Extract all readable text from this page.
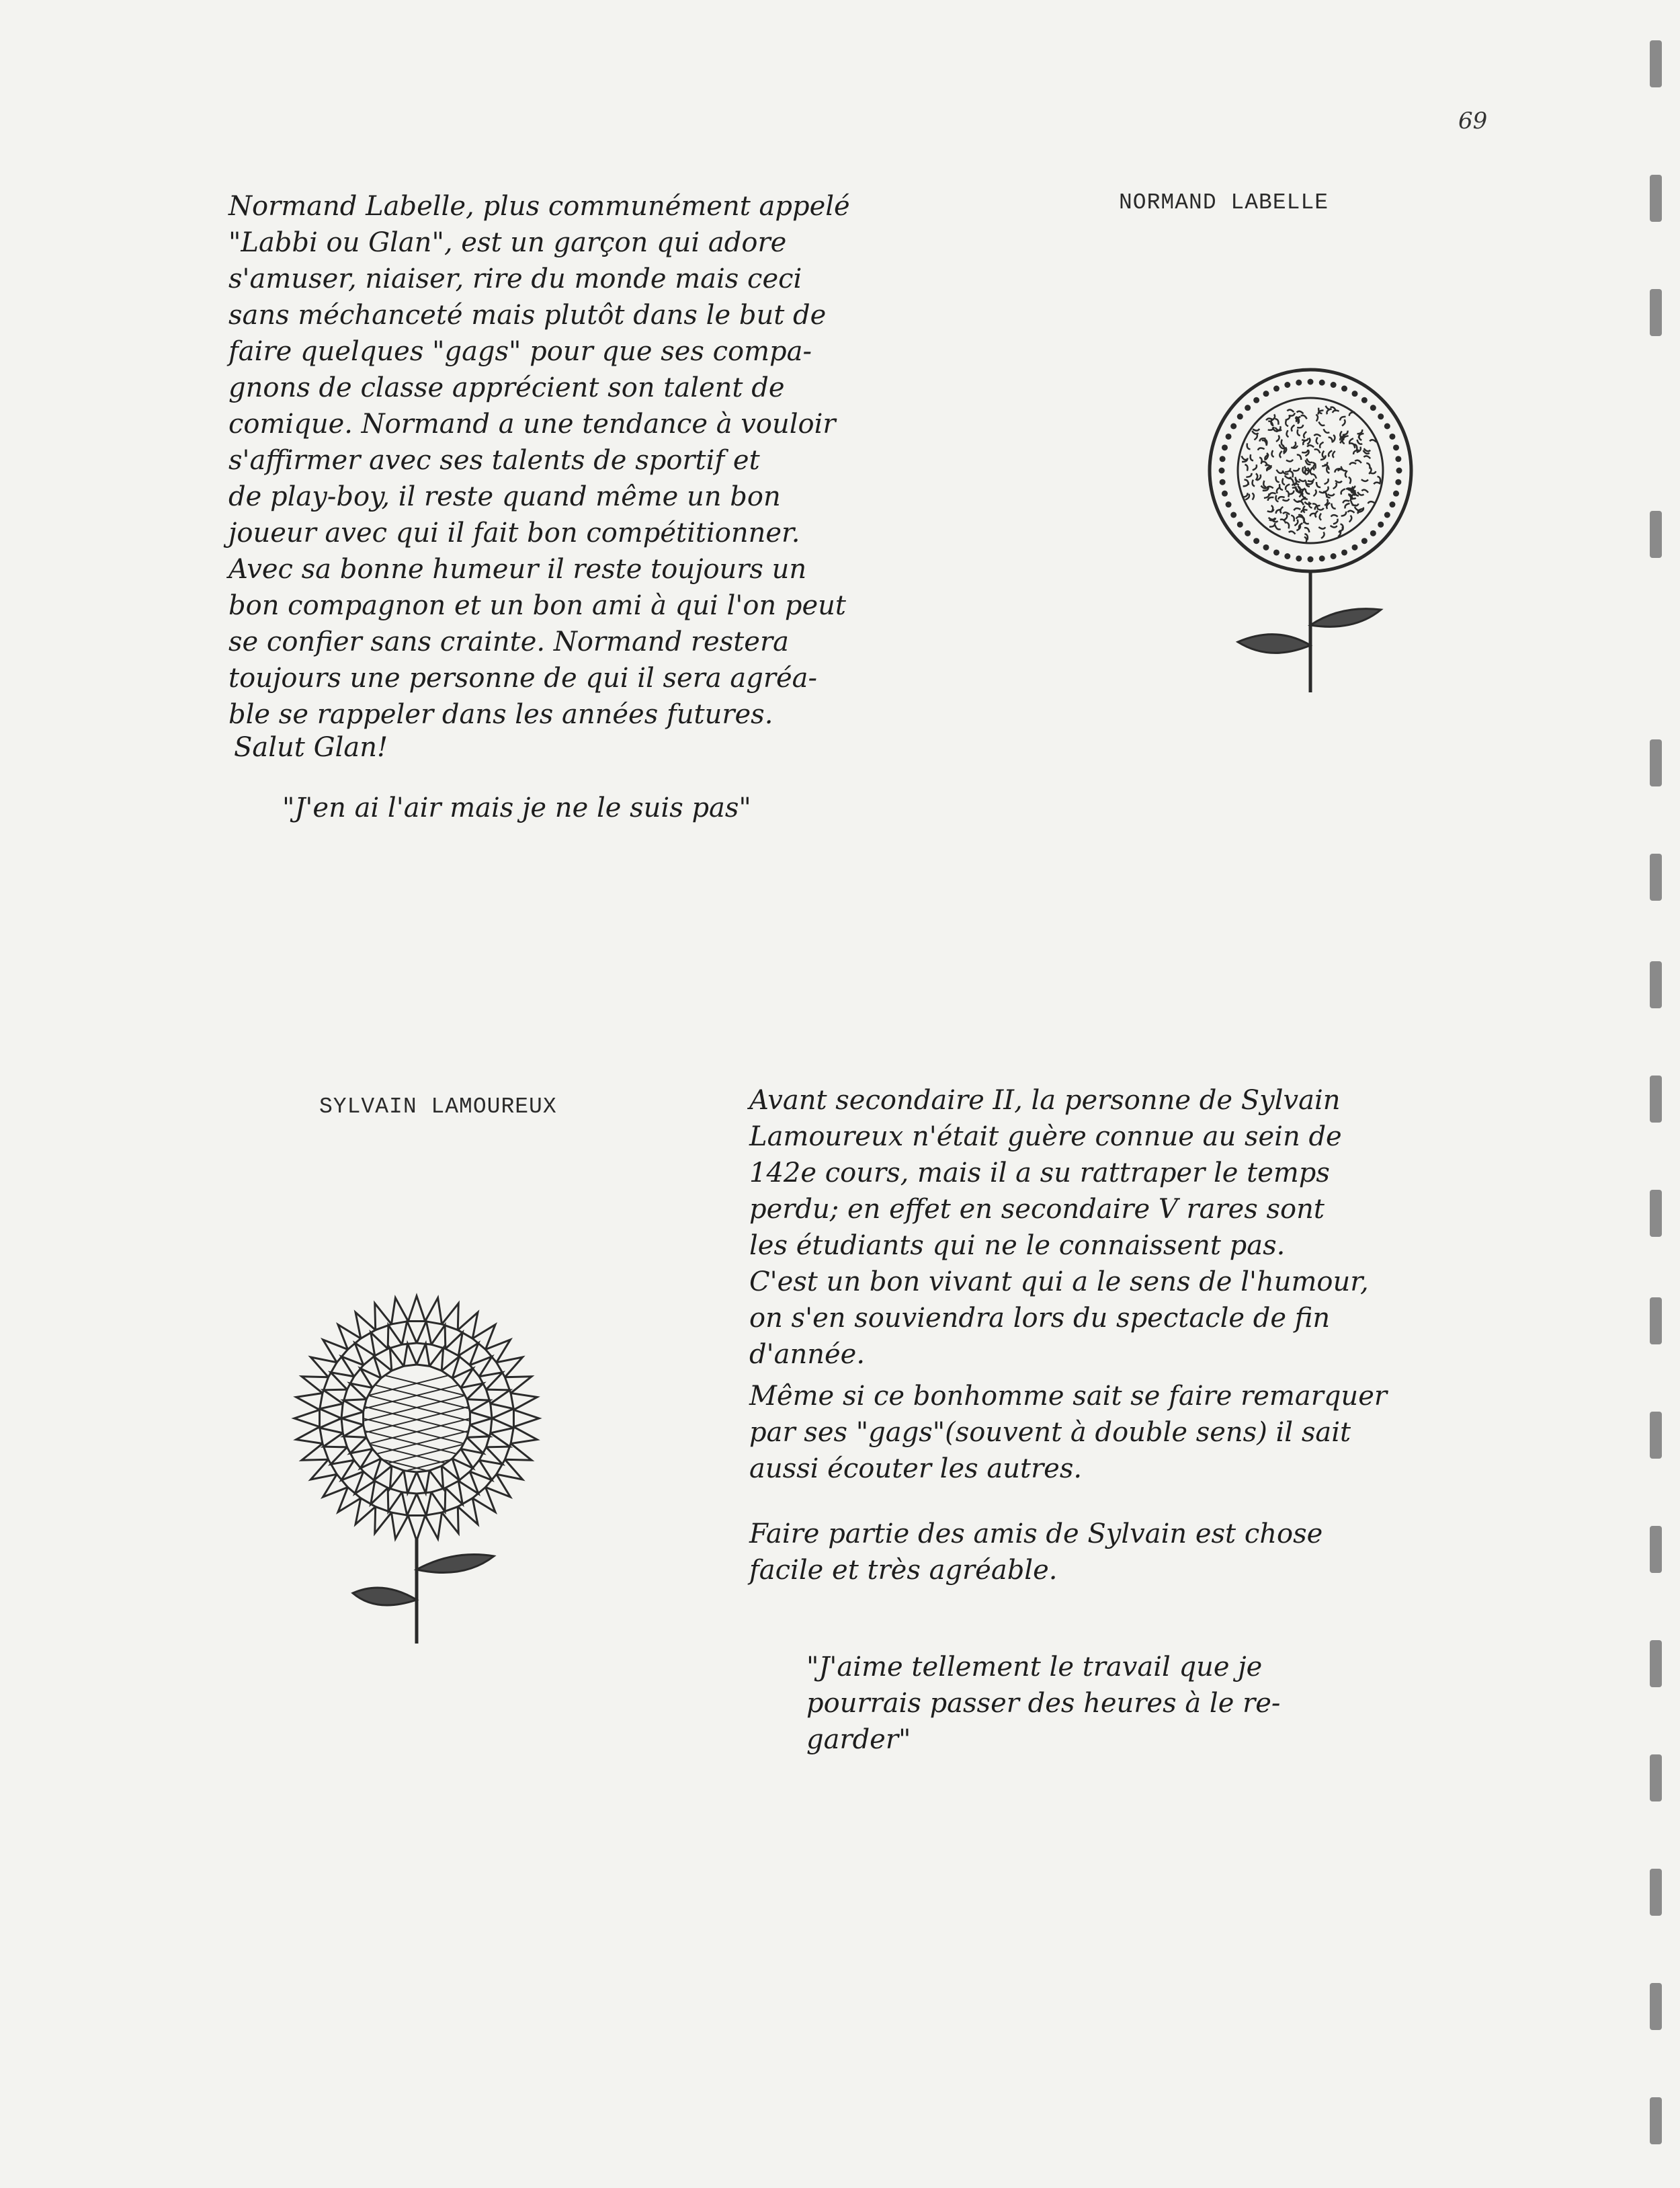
69
NORMAND LABELLE
Normand Labelle, plus communément appelé
"Labbi ou Glan", est un garçon qui adore
s'amuser, niaiser, rire du monde mais ceci
sans méchanceté mais plutôt dans le but de
faire quelques "gags" pour que ses compa-
gnons de classe apprécient son talent de
comique. Normand a une tendance à vouloir
s'affirmer avec ses talents de sportif et
de play-boy, il reste quand même un bon
joueur avec qui il fait bon compétitionner.
Avec sa bonne humeur il reste toujours un
bon compagnon et un bon ami à qui l'on peut
se confier sans crainte. Normand restera
toujours une personne de qui il sera agréa-
ble se rappeler dans les années futures.
Salut Glan!
"J'en ai l'air mais je ne le suis pas"
SYLVAIN LAMOUREUX	Avant secondaire II, la personne de Sylvain
Lamoureux n'était guère connue au sein de
142e cours, mais il a su rattraper le temps
perdu; en effet en secondaire V rares sont
les étudiants qui ne le connaissent pas.
C'est un bon vivant qui a le sens de l'humour,
on s'en souviendra lors du spectacle de fin
d'année.
Même si ce bonhomme sait se faire remarquer
par ses "gags"(souvent à double sens) il sait
aussi écouter les autres.
Faire partie des amis de Sylvain est chose
facile et très agréable.
"J'aime tellement le travail que je
pourrais passer des heures à le re-
garder"
